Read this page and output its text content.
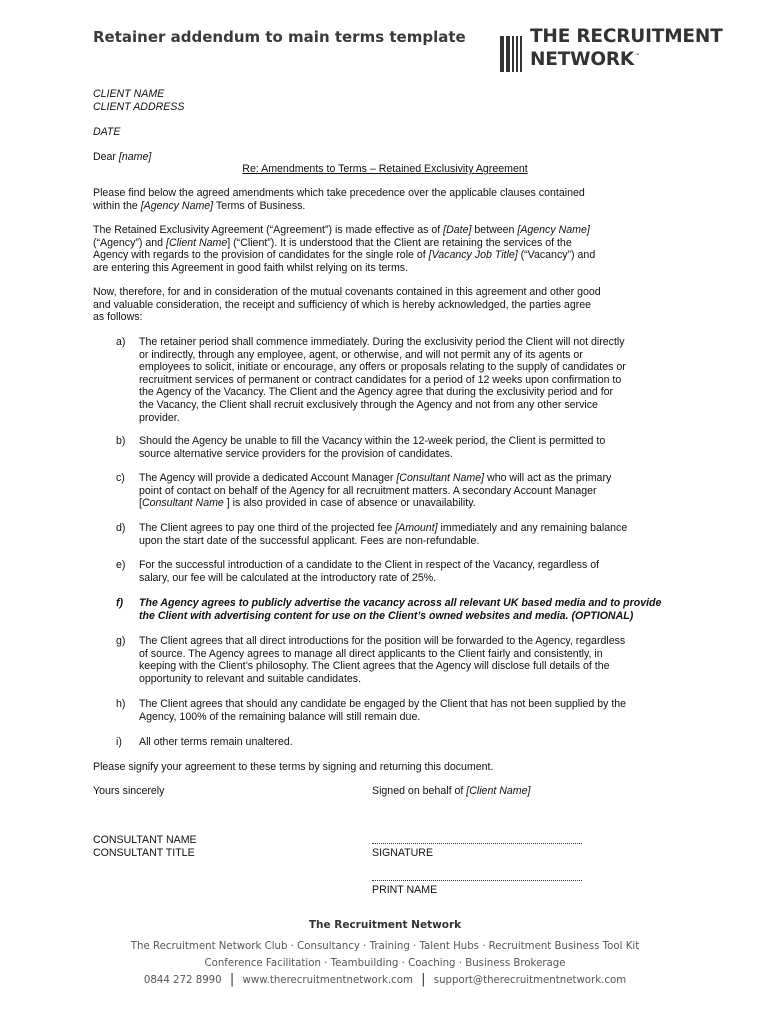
Retainer addendum to main terms template	THE RECRUITMENT
NETWORK™
CLIENT NAME
CLIENT ADDRESS
DATE
Dear [name]
Re: Amendments to Terms – Retained Exclusivity Agreement
Please find below the agreed amendments which take precedence over the applicable clauses contained
within the [Agency Name] Terms of Business.
The Retained Exclusivity Agreement (“Agreement”) is made effective as of [Date] between [Agency Name]
(“Agency”) and [Client Name] (“Client”). It is understood that the Client are retaining the services of the
Agency with regards to the provision of candidates for the single role of [Vacancy Job Title] (“Vacancy”) and
are entering this Agreement in good faith whilst relying on its terms.
Now, therefore, for and in consideration of the mutual covenants contained in this agreement and other good
and valuable consideration, the receipt and sufficiency of which is hereby acknowledged, the parties agree
as follows:
a) The retainer period shall commence immediately. During the exclusivity period the Client will not directly
or indirectly, through any employee, agent, or otherwise, and will not permit any of its agents or
employees to solicit, initiate or encourage, any offers or proposals relating to the supply of candidates or
recruitment services of permanent or contract candidates for a period of 12 weeks upon confirmation to
the Agency of the Vacancy. The Client and the Agency agree that during the exclusivity period and for
the Vacancy, the Client shall recruit exclusively through the Agency and not from any other service
provider.
b) Should the Agency be unable to fill the Vacancy within the 12-week period, the Client is permitted to
source alternative service providers for the provision of candidates.
c) The Agency will provide a dedicated Account Manager [Consultant Name] who will act as the primary
point of contact on behalf of the Agency for all recruitment matters. A secondary Account Manager
[Consultant Name ] is also provided in case of absence or unavailability.
d) The Client agrees to pay one third of the projected fee [Amount] immediately and any remaining balance
upon the start date of the successful applicant. Fees are non-refundable.
e) For the successful introduction of a candidate to the Client in respect of the Vacancy, regardless of
salary, our fee will be calculated at the introductory rate of 25%.
f) The Agency agrees to publicly advertise the vacancy across all relevant UK based media and to provide
the Client with advertising content for use on the Client’s owned websites and media. (OPTIONAL)
g) The Client agrees that all direct introductions for the position will be forwarded to the Agency, regardless
of source. The Agency agrees to manage all direct applicants to the Client fairly and consistently, in
keeping with the Client’s philosophy. The Client agrees that the Agency will disclose full details of the
opportunity to relevant and suitable candidates.
h) The Client agrees that should any candidate be engaged by the Client that has not been supplied by the
Agency, 100% of the remaining balance will still remain due.
i) All other terms remain unaltered.
Please signify your agreement to these terms by signing and returning this document.
Yours sincerely	Signed on behalf of [Client Name]
CONSULTANT NAME
CONSULTANT TITLE	SIGNATURE
PRINT NAME
The Recruitment Network
The Recruitment Network Club · Consultancy · Training · Talent Hubs · Recruitment Business Tool Kit
Conference Facilitation · Teambuilding · Coaching · Business Brokerage
0844 272 8990 | www.therecruitmentnetwork.com | support@therecruitmentnetwork.com
